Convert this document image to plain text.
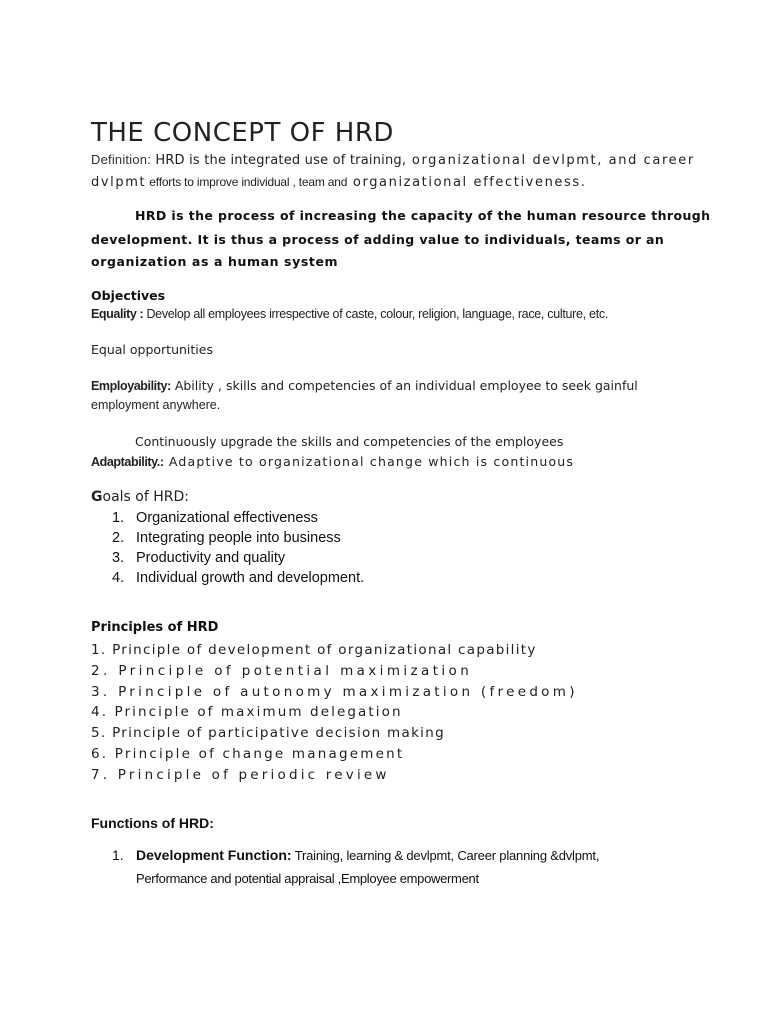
THE CONCEPT OF HRD
Definition: HRD is the integrated use of training, organizational devlpmt, and career
dvlpmt efforts to improve individual , team and organizational effectiveness.
HRD is the process of increasing the capacity of the human resource through
development. It is thus a process of adding value to individuals, teams or an
organization as a human system
Objectives
Equality : Develop all employees irrespective of caste, colour, religion, language, race, culture, etc.
Equal opportunities
Employability: Ability , skills and competencies of an individual employee to seek gainful
employment anywhere.
Continuously upgrade the skills and competencies of the employees
Adaptability.: Adaptive to organizational change which is continuous
Goals of HRD:
1. Organizational effectiveness
2. Integrating people into business
3. Productivity and quality
4. Individual growth and development.
Principles of HRD
1. Principle of development of organizational capability
2. Principle of potential maximization
3. Principle of autonomy maximization (freedom)
4. Principle of maximum delegation
5. Principle of participative decision making
6. Principle of change management
7. Principle of periodic review
Functions of HRD:
1. Development Function: Training, learning & devlpmt, Career planning &dvlpmt,
Performance and potential appraisal ,Employee empowerment
